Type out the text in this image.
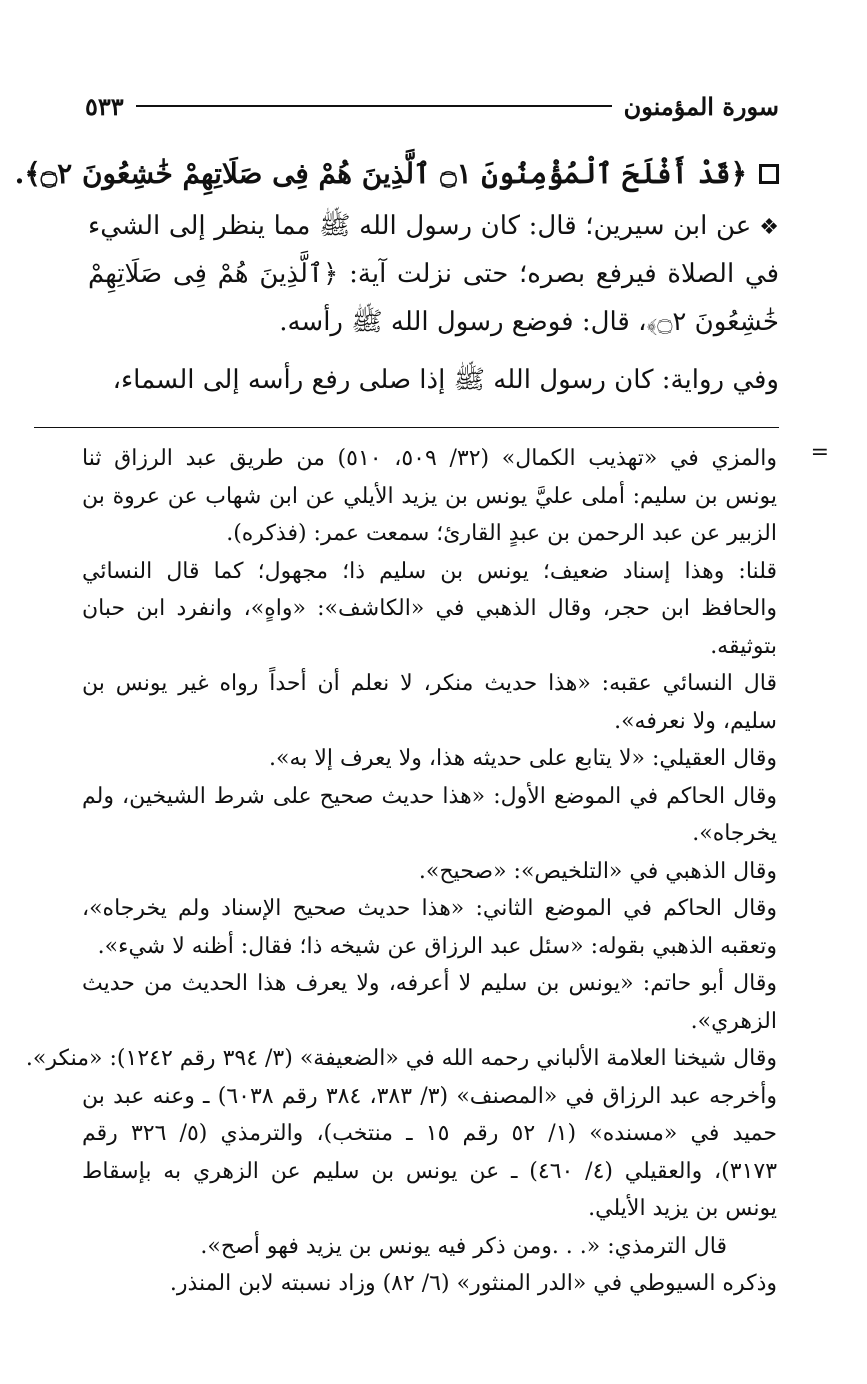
سورة المؤمنون
٥٣٣
﴿قَدْ أَفْلَحَ ٱلْمُؤْمِنُونَ ۝١ ٱلَّذِينَ هُمْ فِى صَلَاتِهِمْ خَٰشِعُونَ ۝٢﴾.
❖عن ابن سيرين؛ قال: كان رسول الله ﷺ مما ينظر إلى الشيء
في الصلاة فيرفع بصره؛ حتى نزلت آية: ﴿ٱلَّذِينَ هُمْ فِى صَلَاتِهِمْ
خَٰشِعُونَ ۝٢﴾، قال: فوضع رسول الله ﷺ رأسه.
وفي رواية: كان رسول الله ﷺ إذا صلى رفع رأسه إلى السماء،
=
والمزي في «تهذيب الكمال» (٣٢/ ٥٠٩، ٥١٠) من طريق عبد الرزاق ثنا
يونس بن سليم: أملى عليَّ يونس بن يزيد الأيلي عن ابن شهاب عن عروة بن
الزبير عن عبد الرحمن بن عبدٍ القارئ؛ سمعت عمر: (فذكره).
قلنا: وهذا إسناد ضعيف؛ يونس بن سليم ذا؛ مجهول؛ كما قال النسائي
والحافظ ابن حجر، وقال الذهبي في «الكاشف»: «واهٍ»، وانفرد ابن حبان
بتوثيقه.
قال النسائي عقبه: «هذا حديث منكر، لا نعلم أن أحداً رواه غير يونس بن
سليم، ولا نعرفه».
وقال العقيلي: «لا يتابع على حديثه هذا، ولا يعرف إلا به».
وقال الحاكم في الموضع الأول: «هذا حديث صحيح على شرط الشيخين، ولم
يخرجاه».
وقال الذهبي في «التلخيص»: «صحيح».
وقال الحاكم في الموضع الثاني: «هذا حديث صحيح الإسناد ولم يخرجاه»،
وتعقبه الذهبي بقوله: «سئل عبد الرزاق عن شيخه ذا؛ فقال: أظنه لا شيء».
وقال أبو حاتم: «يونس بن سليم لا أعرفه، ولا يعرف هذا الحديث من حديث
الزهري».
وقال شيخنا العلامة الألباني رحمه الله في «الضعيفة» (٣/ ٣٩٤ رقم ١٢٤٢): «منكر».
وأخرجه عبد الرزاق في «المصنف» (٣/ ٣٨٣، ٣٨٤ رقم ٦٠٣٨) ـ وعنه عبد بن
حميد في «مسنده» (١/ ٥٢ رقم ١٥ ـ منتخب)، والترمذي (٥/ ٣٢٦ رقم
٣١٧٣)، والعقيلي (٤/ ٤٦٠) ـ عن يونس بن سليم عن الزهري به بإسقاط
يونس بن يزيد الأيلي.
قال الترمذي: «. . .ومن ذكر فيه يونس بن يزيد فهو أصح».
وذكره السيوطي في «الدر المنثور» (٦/ ٨٢) وزاد نسبته لابن المنذر.
